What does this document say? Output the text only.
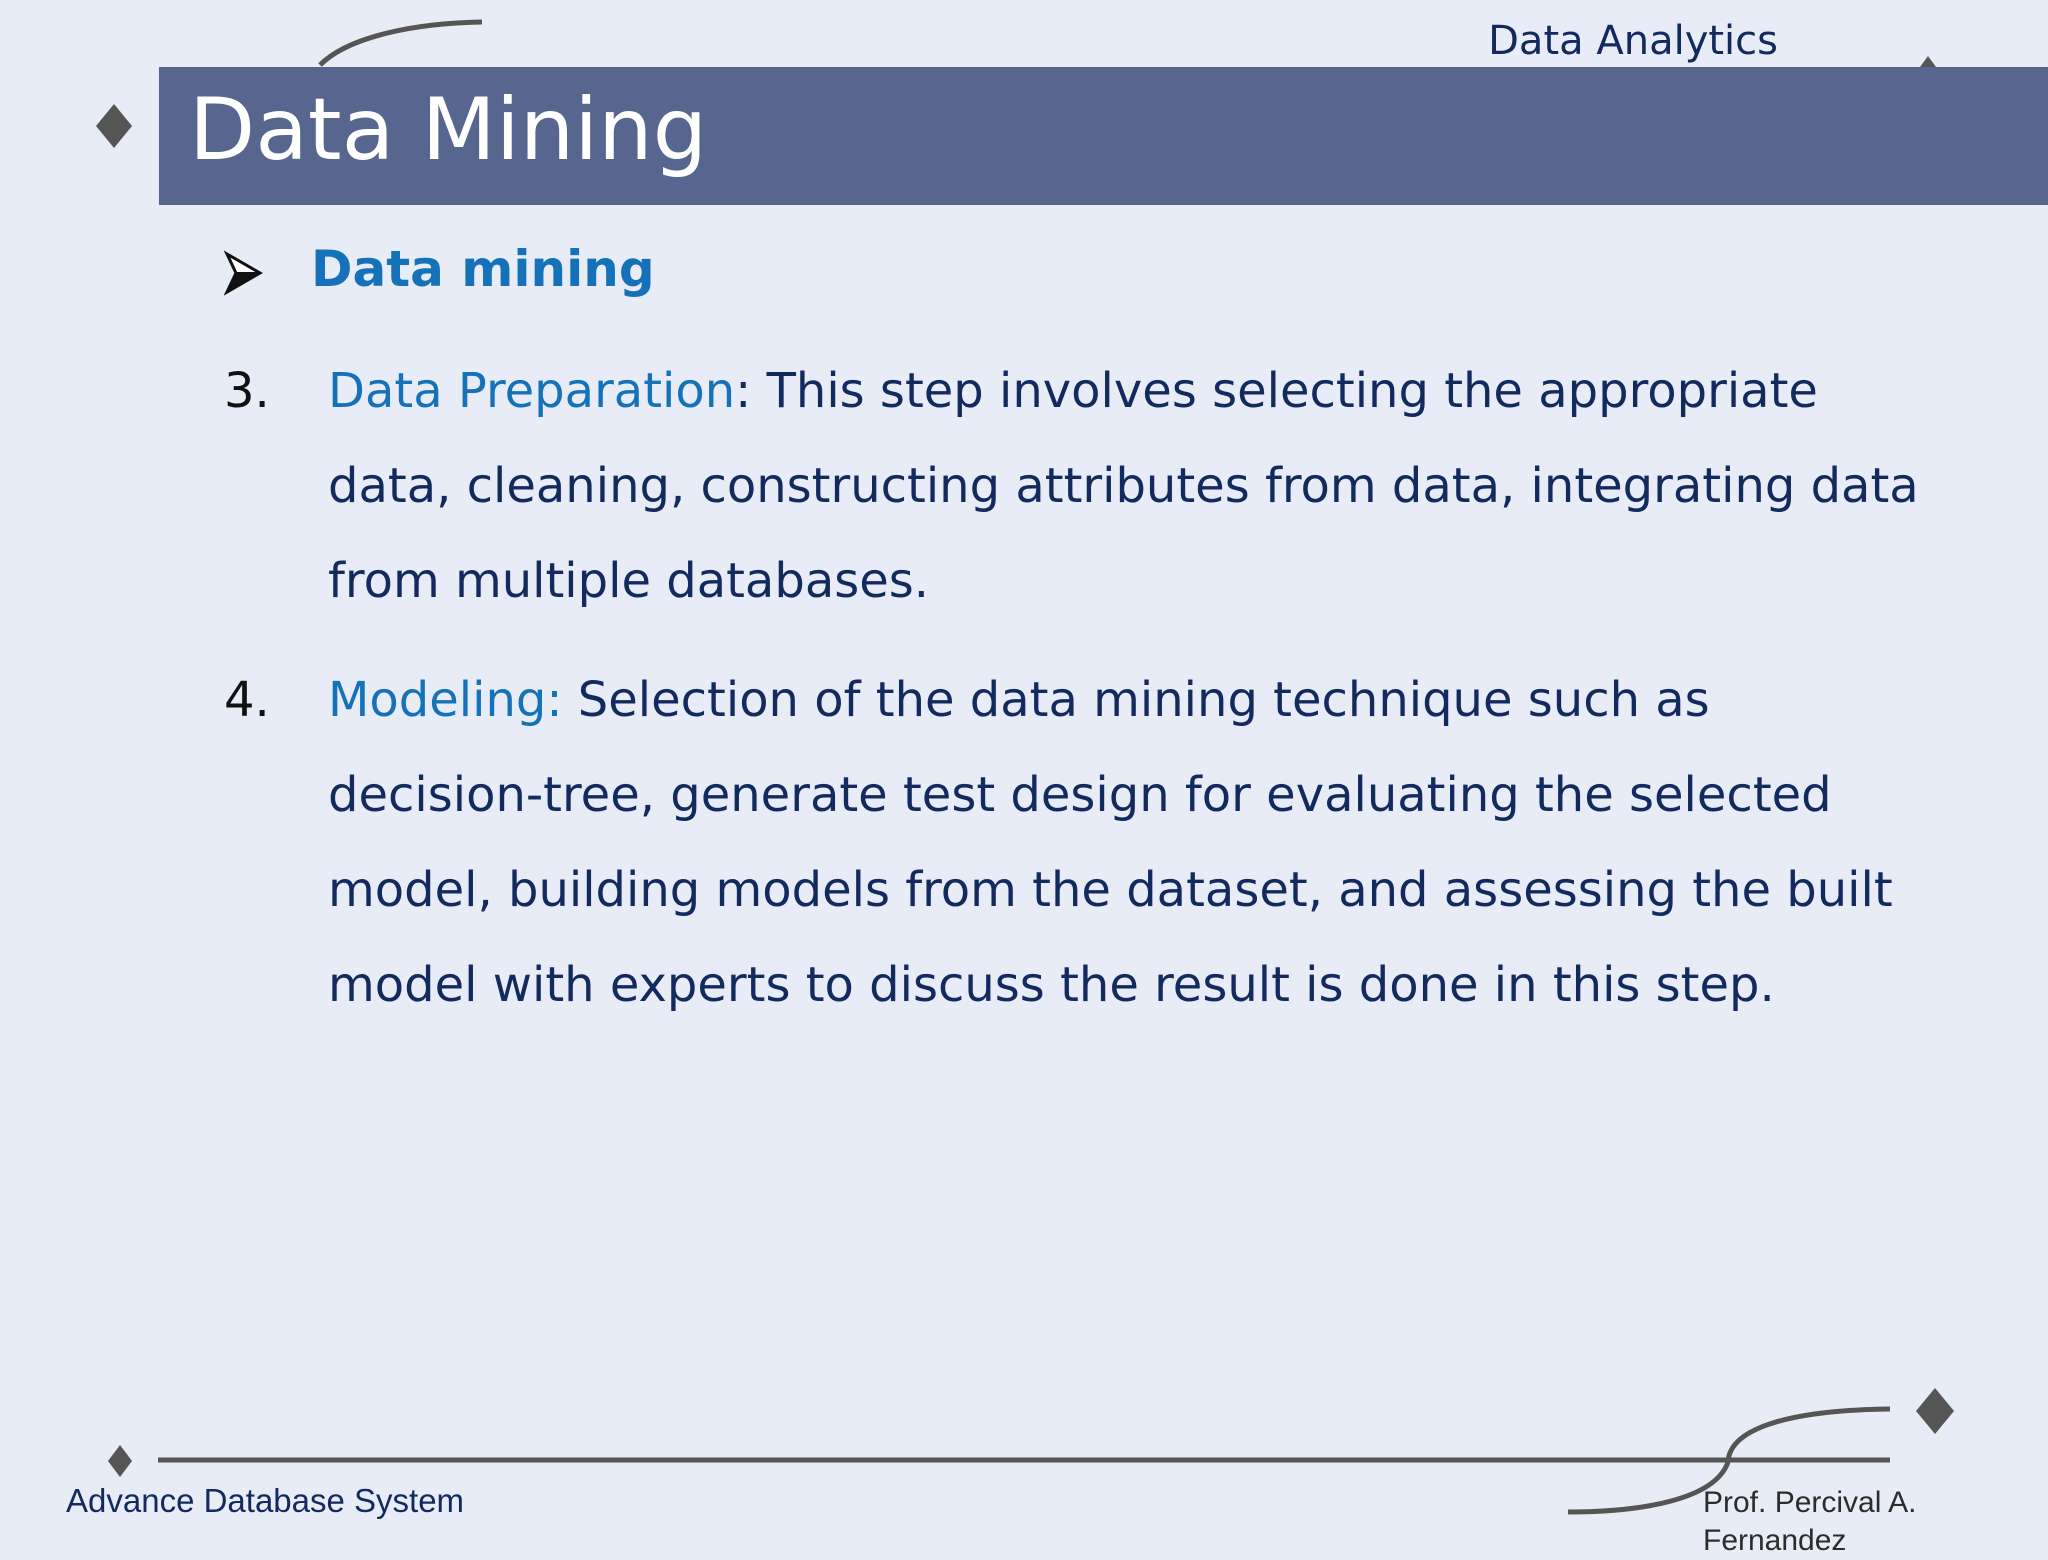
Data Analytics
Data Mining
Data mining
3. Data Preparation: This step involves selecting the appropriate
data, cleaning, constructing attributes from data, integrating data
from multiple databases.
4. Modeling: Selection of the data mining technique such as
decision-tree, generate test design for evaluating the selected
model, building models from the dataset, and assessing the built
model with experts to discuss the result is done in this step.
Advance Database System	Prof. Percival A.
Fernandez
